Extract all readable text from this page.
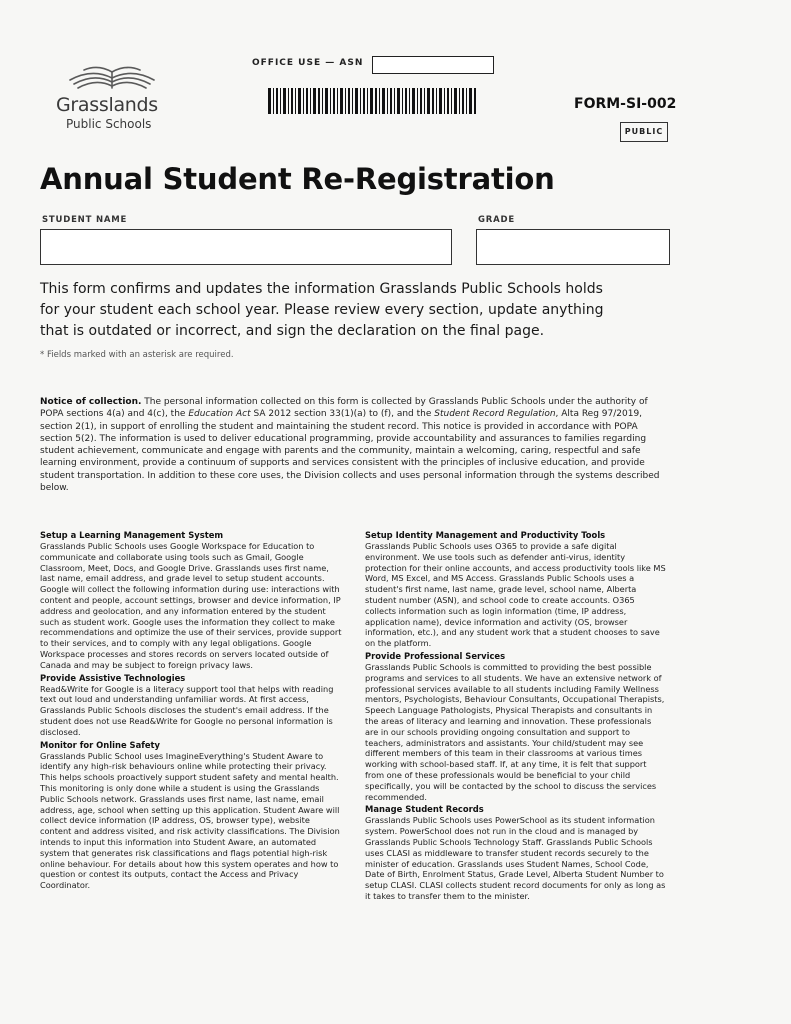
Grasslands
Public Schools
OFFICE USE — ASN
FORM-SI-002
PUBLIC
Annual Student Re-Registration
STUDENT NAME	GRADE

This form confirms and updates the information Grasslands Public Schools holds for your student each school year. Please review every section, update anything that is outdated or incorrect, and sign the declaration on the final page.

* Fields marked with an asterisk are required.

Notice of collection. The personal information collected on this form is collected by Grasslands Public Schools under the authority of POPA sections 4(a) and 4(c), the Education Act SA 2012 section 33(1)(a) to (f), and the Student Record Regulation, Alta Reg 97/2019, section 2(1), in support of enrolling the student and maintaining the student record. This notice is provided in accordance with POPA section 5(2). The information is used to deliver educational programming, provide accountability and assurances to families regarding student achievement, communicate and engage with parents and the community, maintain a welcoming, caring, respectful and safe learning environment, provide a continuum of supports and services consistent with the principles of inclusive education, and provide student transportation. In addition to these core uses, the Division collects and uses personal information through the systems described below.

Setup a Learning Management System

Grasslands Public Schools uses Google Workspace for Education to communicate and collaborate using tools such as Gmail, Google Classroom, Meet, Docs, and Google Drive. Grasslands uses first name, last name, email address, and grade level to setup student accounts. Google will collect the following information during use: interactions with content and people, account settings, browser and device information, IP address and geolocation, and any information entered by the student such as student work. Google uses the information they collect to make recommendations and optimize the use of their services, provide support to their services, and to comply with any legal obligations. Google Workspace processes and stores records on servers located outside of Canada and may be subject to foreign privacy laws.

Provide Assistive Technologies

Read&Write for Google is a literacy support tool that helps with reading text out loud and understanding unfamiliar words. At first access, Grasslands Public Schools discloses the student's email address. If the student does not use Read&Write for Google no personal information is disclosed.

Monitor for Online Safety

Grasslands Public School uses ImagineEverything's Student Aware to identify any high-risk behaviours online while protecting their privacy. This helps schools proactively support student safety and mental health. This monitoring is only done while a student is using the Grasslands Public Schools network. Grasslands uses first name, last name, email address, age, school when setting up this application. Student Aware will collect device information (IP address, OS, browser type), website content and address visited, and risk activity classifications. The Division intends to input this information into Student Aware, an automated system that generates risk classifications and flags potential high-risk online behaviour. For details about how this system operates and how to question or contest its outputs, contact the Access and Privacy Coordinator.

Setup Identity Management and Productivity Tools

Grasslands Public Schools uses O365 to provide a safe digital environment. We use tools such as defender anti-virus, identity protection for their online accounts, and access productivity tools like MS Word, MS Excel, and MS Access. Grasslands Public Schools uses a student's first name, last name, grade level, school name, Alberta student number (ASN), and school code to create accounts. O365 collects information such as login information (time, IP address, application name), device information and activity (OS, browser information, etc.), and any student work that a student chooses to save on the platform.

Provide Professional Services

Grasslands Public Schools is committed to providing the best possible programs and services to all students. We have an extensive network of professional services available to all students including Family Wellness mentors, Psychologists, Behaviour Consultants, Occupational Therapists, Speech Language Pathologists, Physical Therapists and consultants in the areas of literacy and learning and innovation. These professionals are in our schools providing ongoing consultation and support to teachers, administrators and assistants. Your child/student may see different members of this team in their classrooms at various times working with school-based staff. If, at any time, it is felt that support from one of these professionals would be beneficial to your child specifically, you will be contacted by the school to discuss the services recommended.

Manage Student Records

Grasslands Public Schools uses PowerSchool as its student information system. PowerSchool does not run in the cloud and is managed by Grasslands Public Schools Technology Staff. Grasslands Public Schools uses CLASI as middleware to transfer student records securely to the minister of education. Grasslands uses Student Names, School Code, Date of Birth, Enrolment Status, Grade Level, Alberta Student Number to setup CLASI. CLASI collects student record documents for only as long as it takes to transfer them to the minister.
